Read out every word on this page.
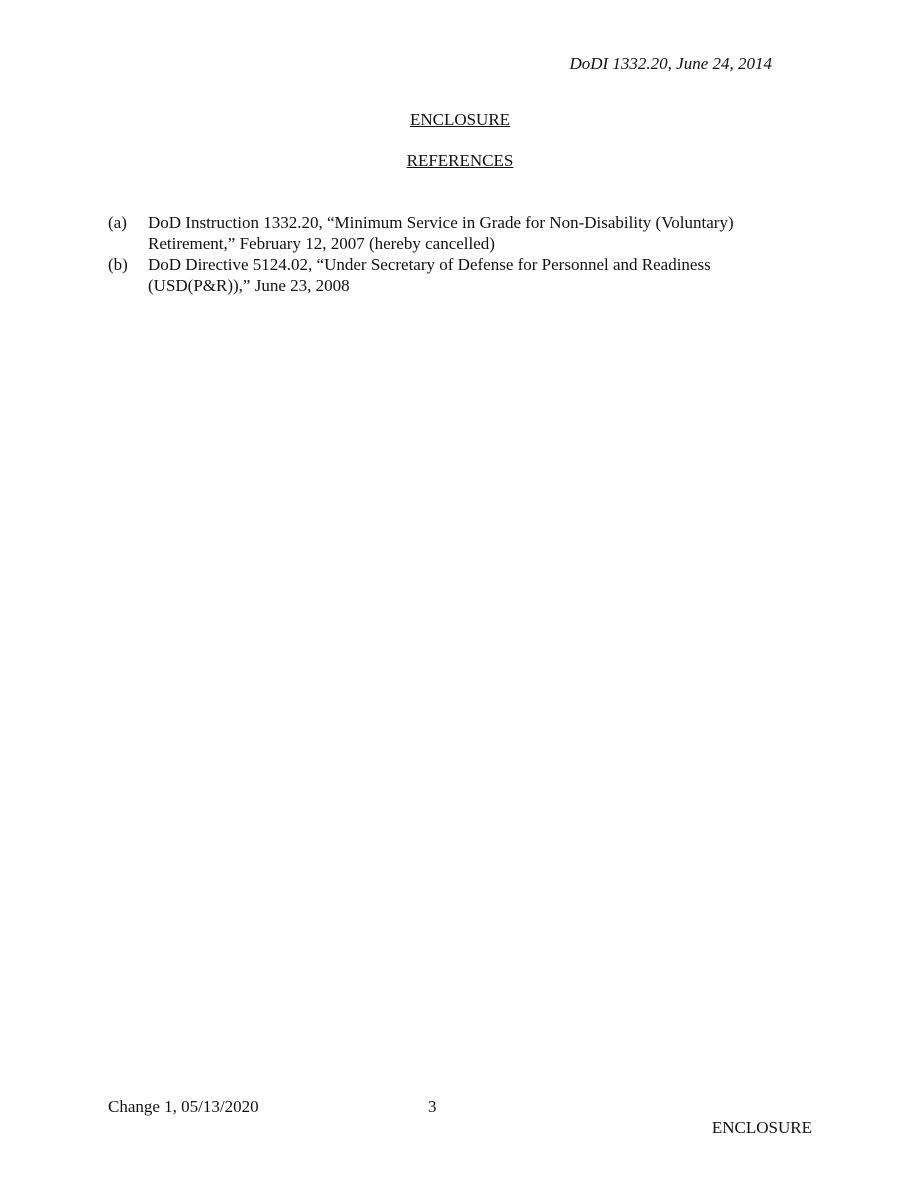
DoDI 1332.20, June 24, 2014
ENCLOSURE
REFERENCES
(a) DoD Instruction 1332.20, “Minimum Service in Grade for Non-Disability (Voluntary)
Retirement,” February 12, 2007 (hereby cancelled)
(b) DoD Directive 5124.02, “Under Secretary of Defense for Personnel and Readiness
(USD(P&R)),” June 23, 2008
Change 1, 05/13/2020	3
ENCLOSURE
